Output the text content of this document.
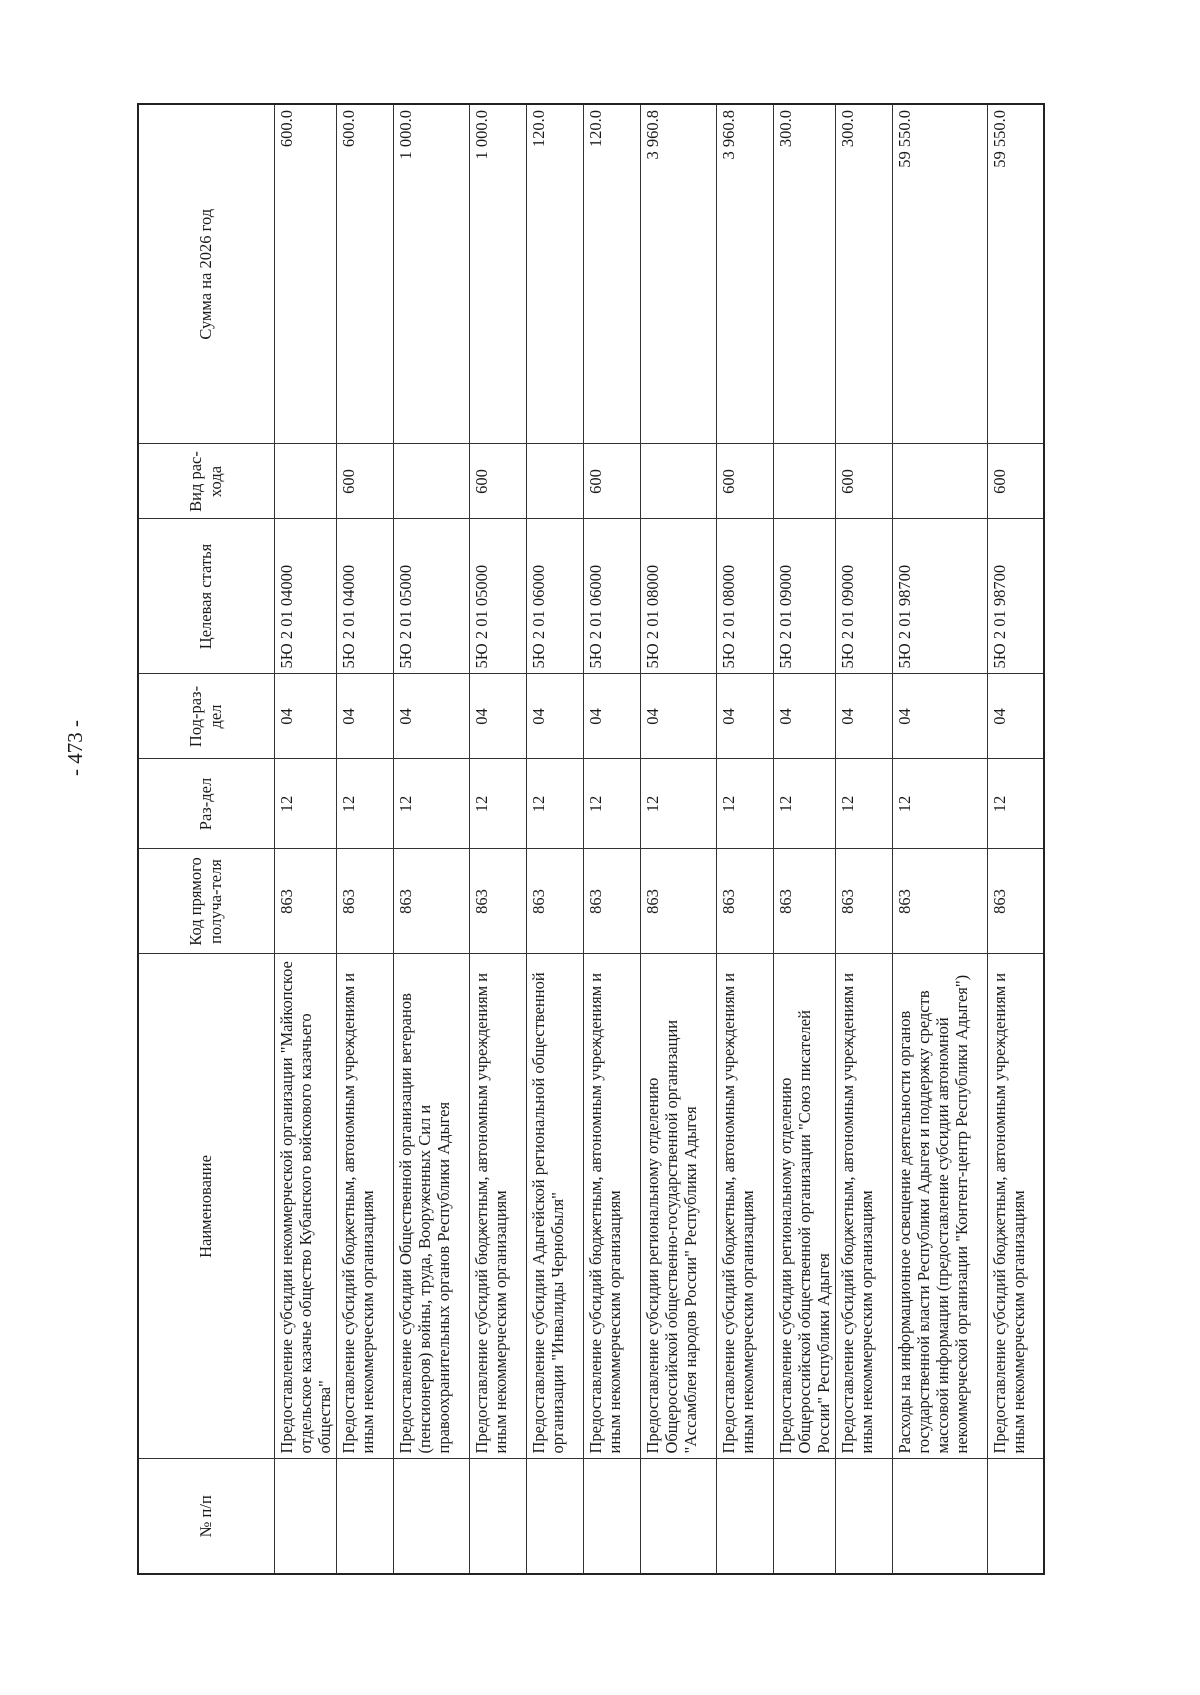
- 473 -
№ п/п	Наименование	Код прямого получа-теля	Раз-дел	Под-раз-дел	Целевая статья	Вид рас-хода	Сумма на 2026 год
	Предоставление субсидии некоммерческой организации "Майкопское отдельское казачье общество Кубанского войскового казачьего общества"	863	12	04	5Ю 2 01 04000		600.0
	Предоставление субсидий бюджетным, автономным учреждениям и иным некоммерческим организациям	863	12	04	5Ю 2 01 04000	600	600.0
	Предоставление субсидии Общественной организации ветеранов (пенсионеров) войны, труда, Вооруженных Сил и правоохранительных органов Республики Адыгея	863	12	04	5Ю 2 01 05000		1 000.0
	Предоставление субсидий бюджетным, автономным учреждениям и иным некоммерческим организациям	863	12	04	5Ю 2 01 05000	600	1 000.0
	Предоставление субсидии Адыгейской региональной общественной организации "Инвалиды Чернобыля"	863	12	04	5Ю 2 01 06000		120.0
	Предоставление субсидий бюджетным, автономным учреждениям и иным некоммерческим организациям	863	12	04	5Ю 2 01 06000	600	120.0
	Предоставление субсидии региональному отделению Общероссийской общественно-государственной организации "Ассамблея народов России" Республики Адыгея	863	12	04	5Ю 2 01 08000		3 960.8
	Предоставление субсидий бюджетным, автономным учреждениям и иным некоммерческим организациям	863	12	04	5Ю 2 01 08000	600	3 960.8
	Предоставление субсидии региональному отделению Общероссийской общественной организации "Союз писателей России" Республики Адыгея	863	12	04	5Ю 2 01 09000		300.0
	Предоставление субсидий бюджетным, автономным учреждениям и иным некоммерческим организациям	863	12	04	5Ю 2 01 09000	600	300.0
	Расходы на информационное освещение деятельности органов государственной власти Республики Адыгея и поддержку средств массовой информации (предоставление субсидии автономной некоммерческой организации "Контент-центр Республики Адыгея")	863	12	04	5Ю 2 01 98700		59 550.0
	Предоставление субсидий бюджетным, автономным учреждениям и иным некоммерческим организациям	863	12	04	5Ю 2 01 98700	600	59 550.0
